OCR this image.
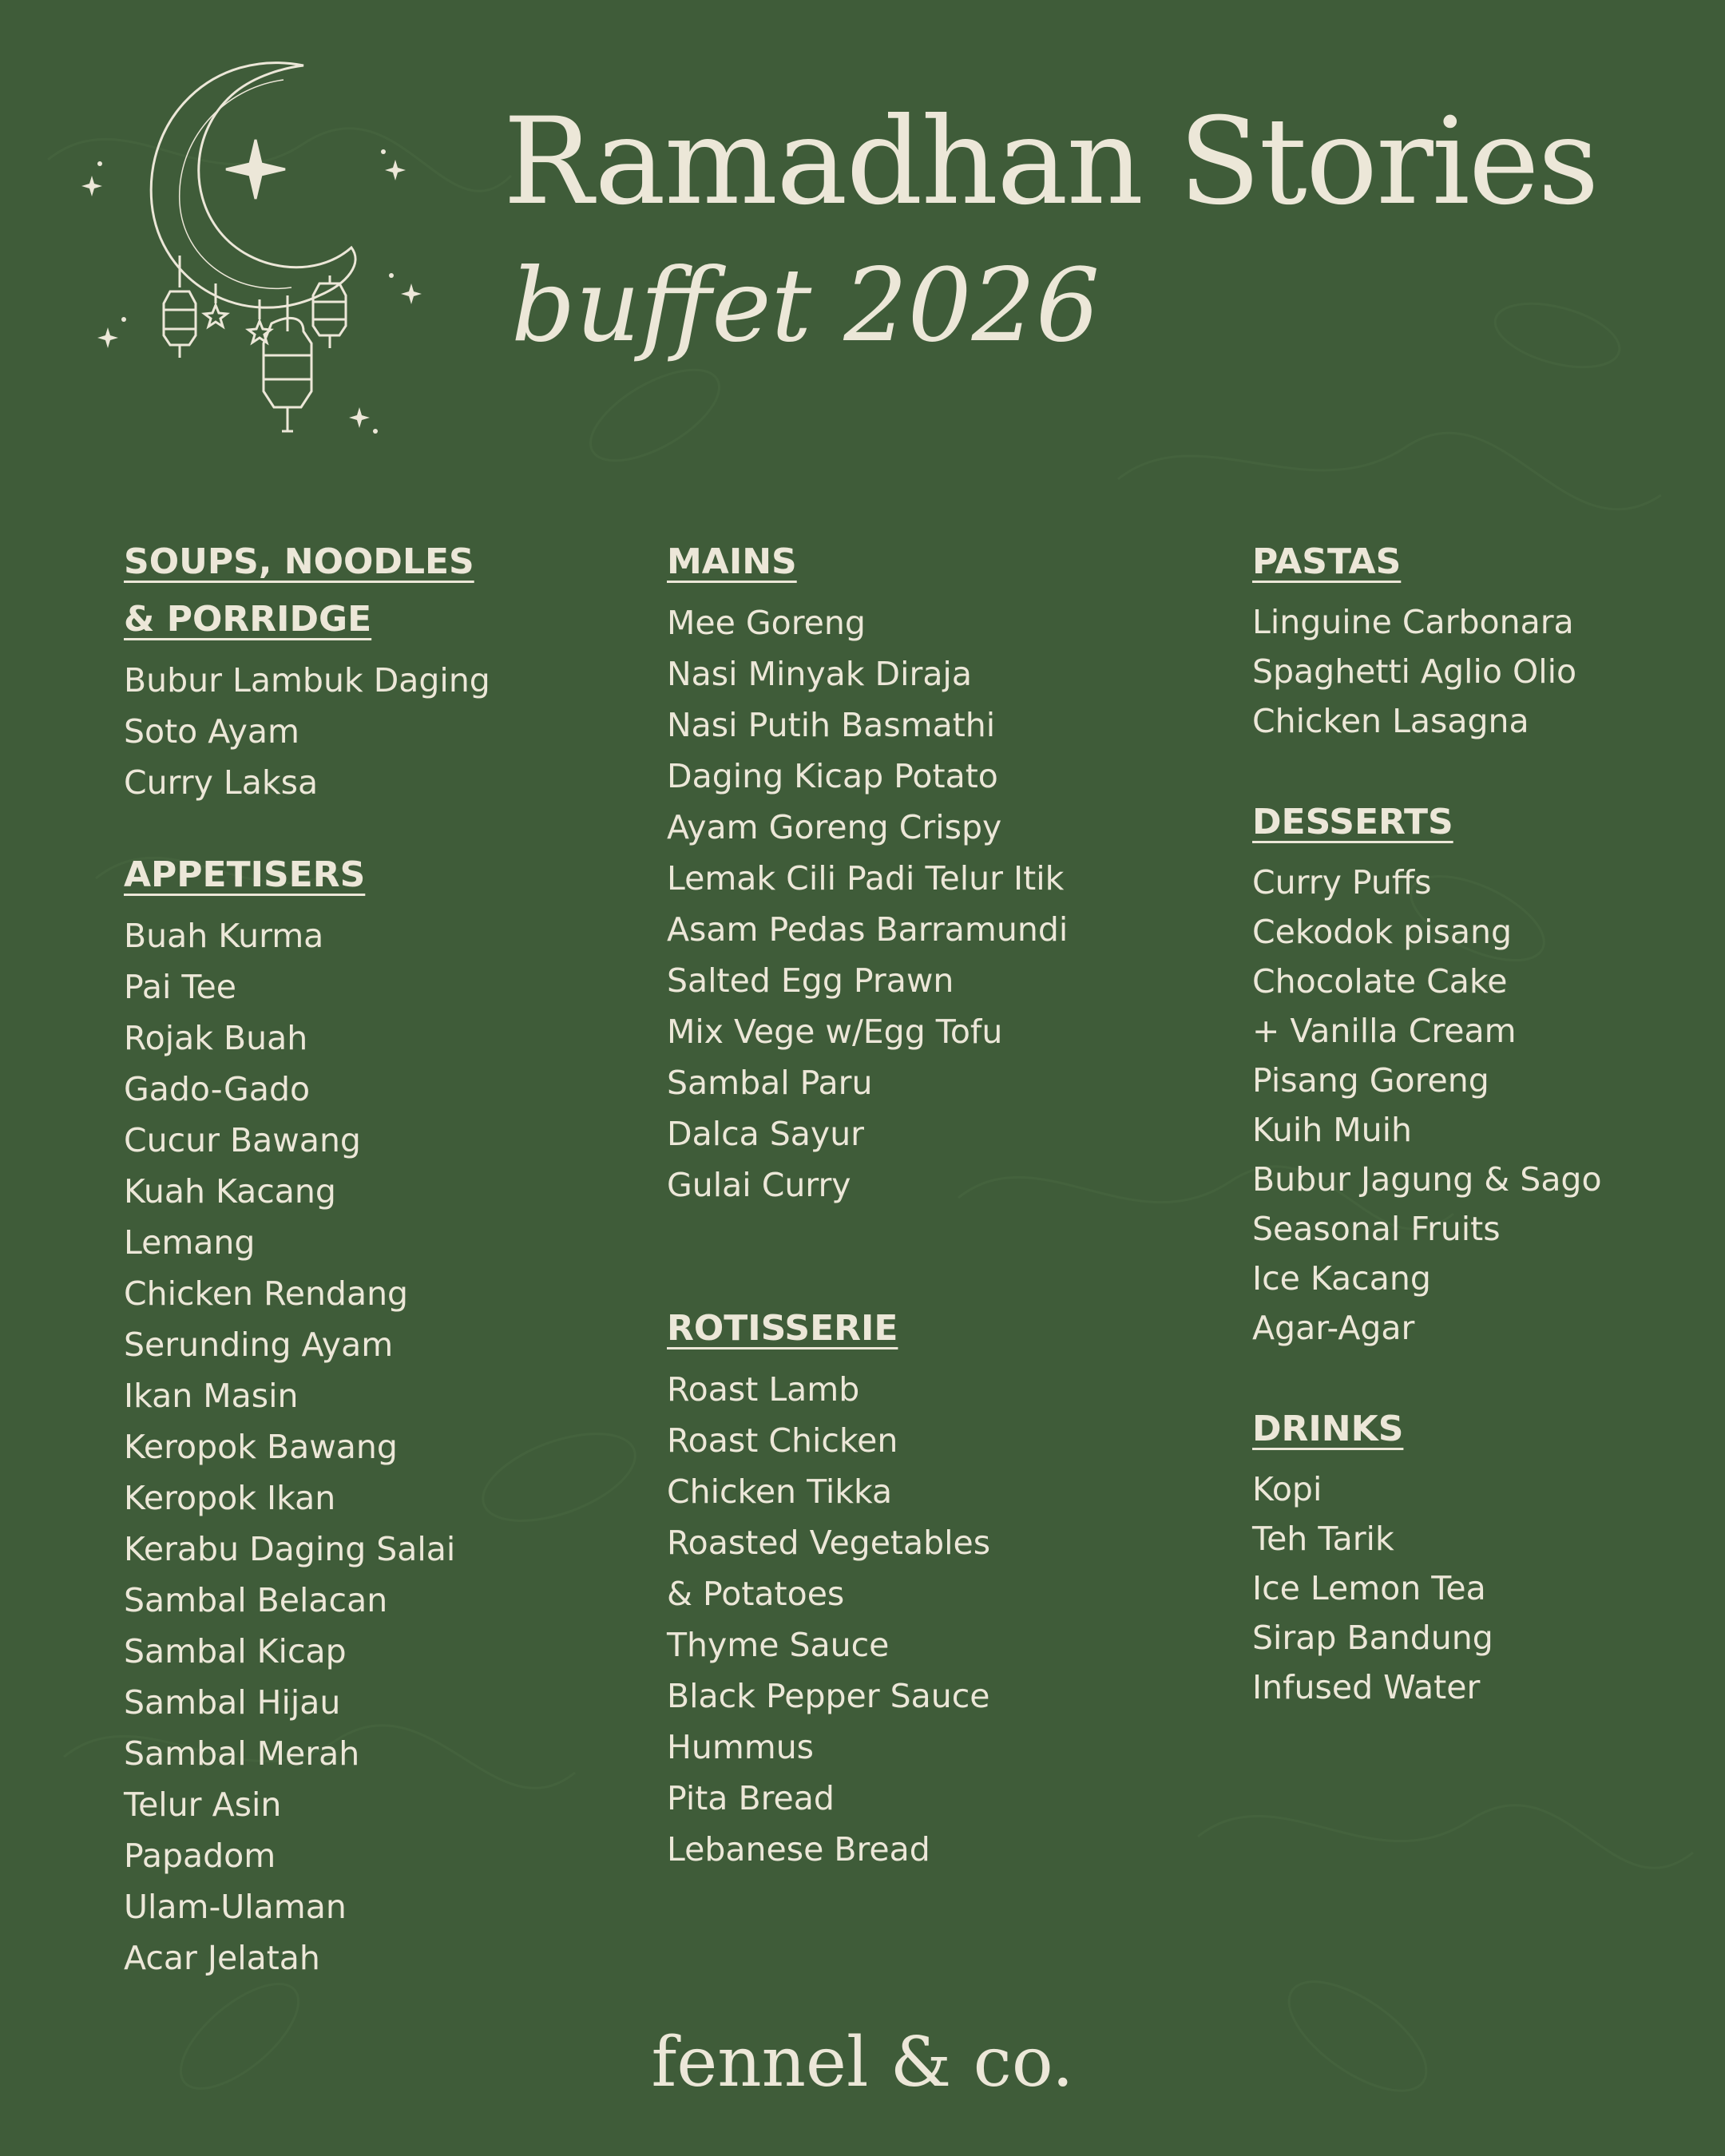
Ramadhan Stories
buffet 2026
SOUPS, NOODLES
& PORRIDGE
Bubur Lambuk Daging
Soto Ayam
Curry Laksa
APPETISERS
Buah Kurma
Pai Tee
Rojak Buah
Gado-Gado
Cucur Bawang
Kuah Kacang
Lemang
Chicken Rendang
Serunding Ayam
Ikan Masin
Keropok Bawang
Keropok Ikan
Kerabu Daging Salai
Sambal Belacan
Sambal Kicap
Sambal Hijau
Sambal Merah
Telur Asin
Papadom
Ulam-Ulaman
Acar Jelatah
MAINS
Mee Goreng
Nasi Minyak Diraja
Nasi Putih Basmathi
Daging Kicap Potato
Ayam Goreng Crispy
Lemak Cili Padi Telur Itik
Asam Pedas Barramundi
Salted Egg Prawn
Mix Vege w/Egg Tofu
Sambal Paru
Dalca Sayur
Gulai Curry
ROTISSERIE
Roast Lamb
Roast Chicken
Chicken Tikka
Roasted Vegetables
& Potatoes
Thyme Sauce
Black Pepper Sauce
Hummus
Pita Bread
Lebanese Bread
PASTAS
Linguine Carbonara
Spaghetti Aglio Olio
Chicken Lasagna
DESSERTS
Curry Puffs
Cekodok pisang
Chocolate Cake
+ Vanilla Cream
Pisang Goreng
Kuih Muih
Bubur Jagung & Sago
Seasonal Fruits
Ice Kacang
Agar-Agar
DRINKS
Kopi
Teh Tarik
Ice Lemon Tea
Sirap Bandung
Infused Water
fennel & co.
